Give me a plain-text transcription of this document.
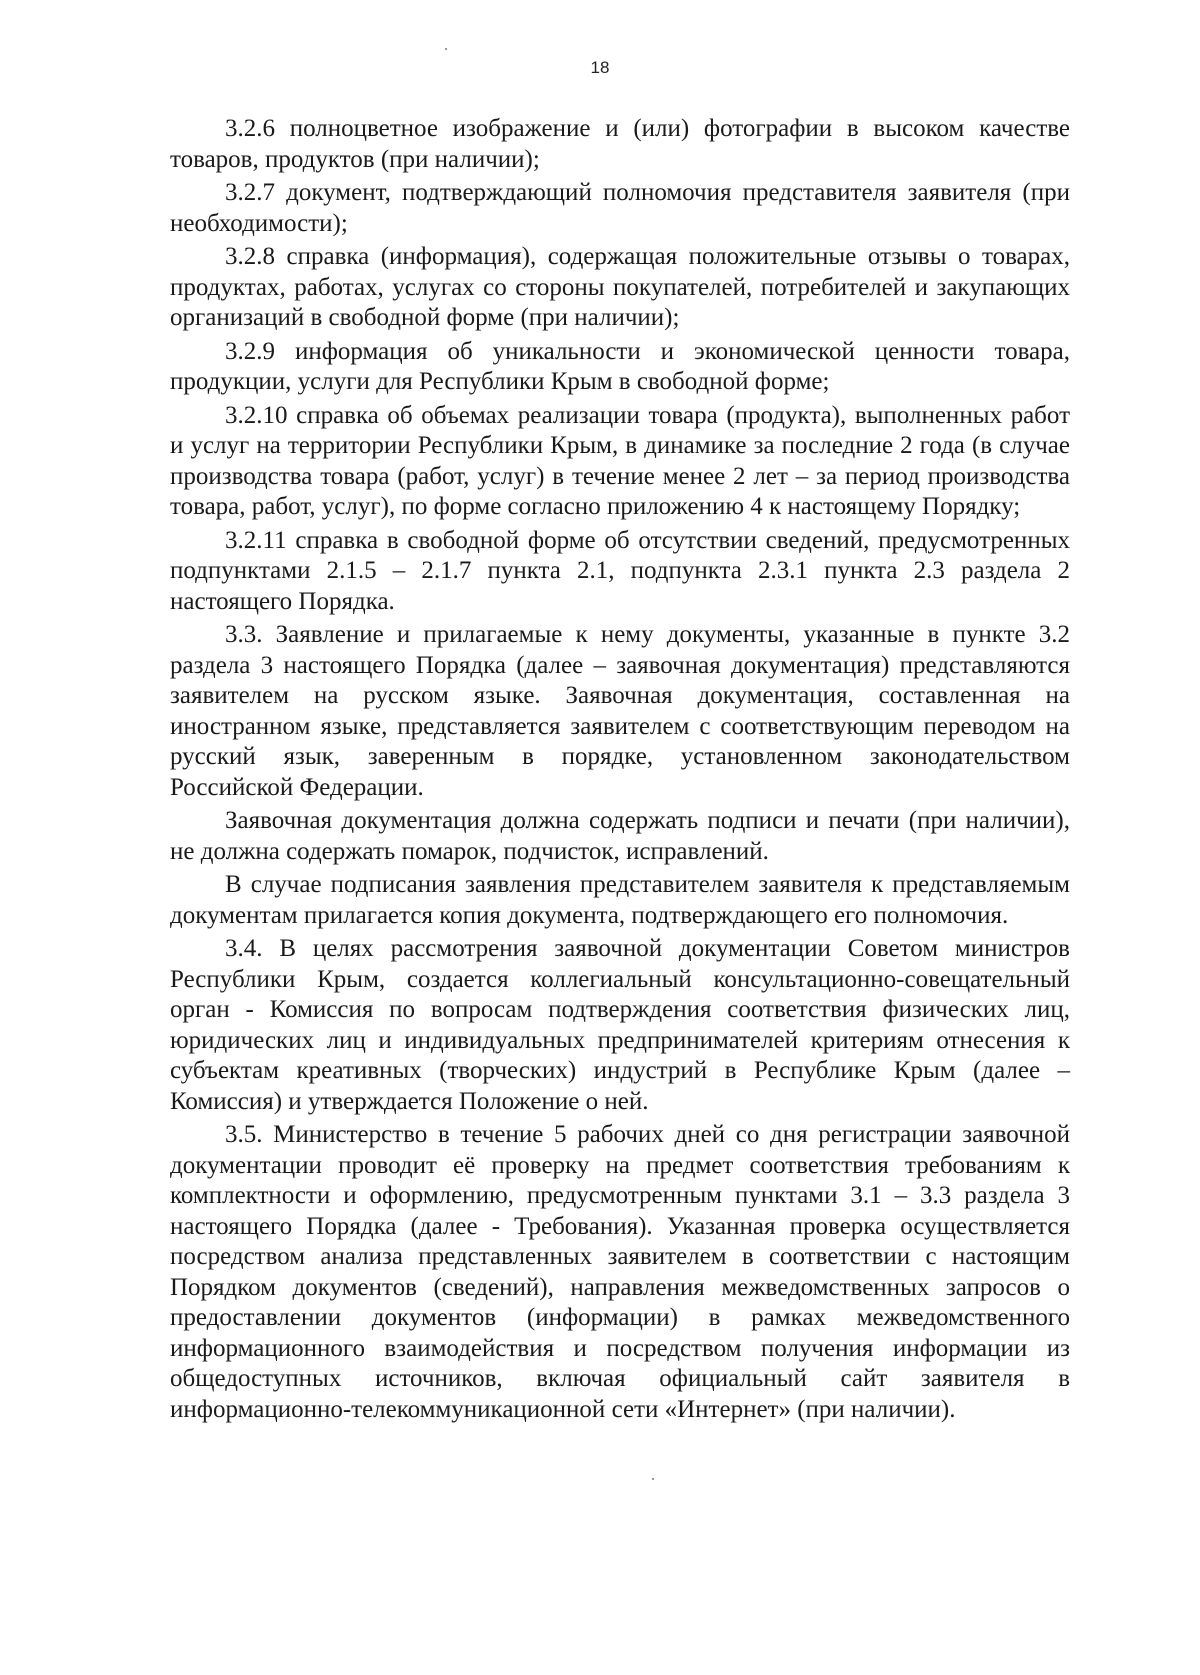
18

3.2.6 полноцветное изображение и (или) фотографии в высоком качестве товаров, продуктов (при наличии);

3.2.7 документ, подтверждающий полномочия представителя заявителя (при необходимости);

3.2.8 справка (информация), содержащая положительные отзывы о товарах, продуктах, работах, услугах со стороны покупателей, потребителей и закупающих организаций в свободной форме (при наличии);

3.2.9 информация об уникальности и экономической ценности товара, продукции, услуги для Республики Крым в свободной форме;

3.2.10 справка об объемах реализации товара (продукта), выполненных работ и услуг на территории Республики Крым, в динамике за последние 2 года (в случае производства товара (работ, услуг) в течение менее 2 лет – за период производства товара, работ, услуг), по форме согласно приложению 4 к настоящему Порядку;

3.2.11 справка в свободной форме об отсутствии сведений, предусмотренных подпунктами 2.1.5 – 2.1.7 пункта 2.1, подпункта 2.3.1 пункта 2.3 раздела 2 настоящего Порядка.

3.3. Заявление и прилагаемые к нему документы, указанные в пункте 3.2 раздела 3 настоящего Порядка (далее – заявочная документация) представляются заявителем на русском языке. Заявочная документация, составленная на иностранном языке, представляется заявителем с соответствующим переводом на русский язык, заверенным в порядке, установленном законодательством Российской Федерации.

Заявочная документация должна содержать подписи и печати (при наличии), не должна содержать помарок, подчисток, исправлений.

В случае подписания заявления представителем заявителя к представляемым документам прилагается копия документа, подтверждающего его полномочия.

3.4. В целях рассмотрения заявочной документации Советом министров Республики Крым, создается коллегиальный консультационно-совещательный орган - Комиссия по вопросам подтверждения соответствия физических лиц, юридических лиц и индивидуальных предпринимателей критериям отнесения к субъектам креативных (творческих) индустрий в Республике Крым (далее – Комиссия) и утверждается Положение о ней.

3.5. Министерство в течение 5 рабочих дней со дня регистрации заявочной документации проводит её проверку на предмет соответствия требованиям к комплектности и оформлению, предусмотренным пунктами 3.1 – 3.3 раздела 3 настоящего Порядка (далее - Требования). Указанная проверка осуществляется посредством анализа представленных заявителем в соответствии с настоящим Порядком документов (сведений), направления межведомственных запросов о предоставлении документов (информации) в рамках межведомственного информационного взаимодействия и посредством получения информации из общедоступных источников, включая официальный сайт заявителя в информационно-телекоммуникационной сети «Интернет» (при наличии).
